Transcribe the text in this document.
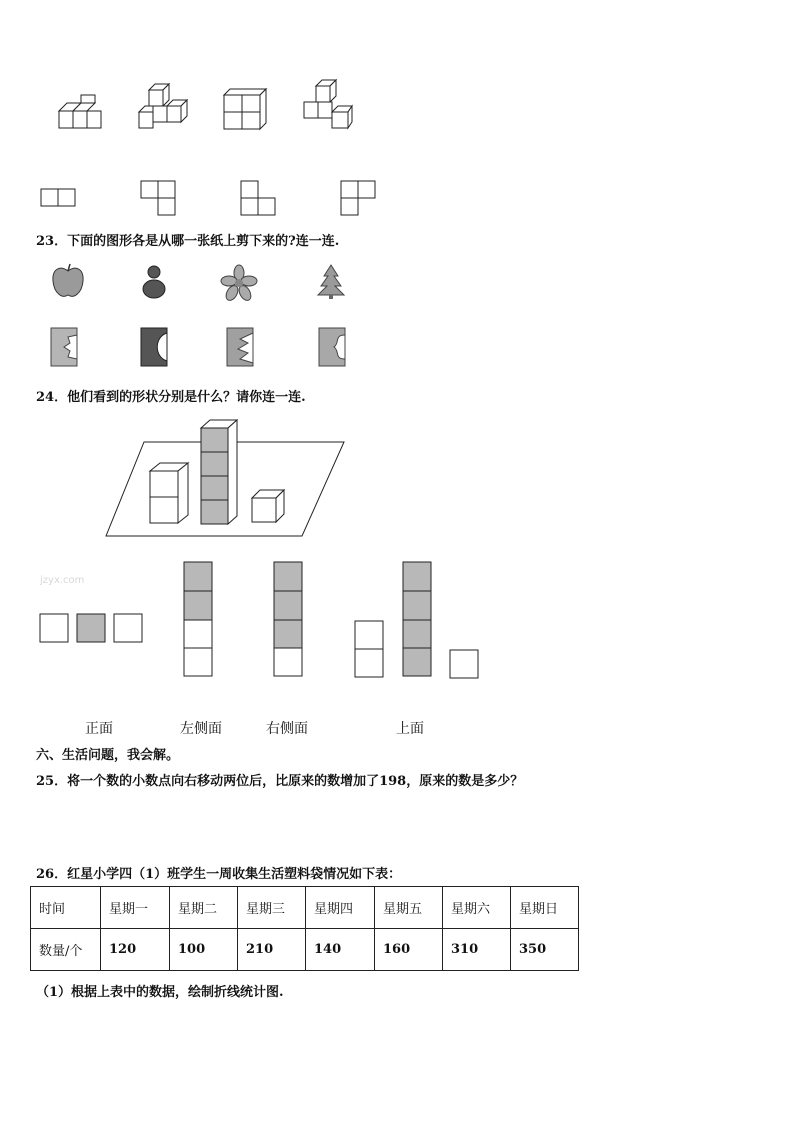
23．下面的图形各是从哪一张纸上剪下来的?连一连.
24．他们看到的形状分别是什么？请你连一连.
jzyx.com
正面	左侧面	右侧面	上面
六、生活问题，我会解。
25．将一个数的小数点向右移动两位后，比原来的数增加了198，原来的数是多少？
26．红星小学四（1）班学生一周收集生活塑料袋情况如下表：
时间	星期一	星期二	星期三	星期四	星期五	星期六	星期日
数量/个	120	100	210	140	160	310	350
（1）根据上表中的数据，绘制折线统计图.
